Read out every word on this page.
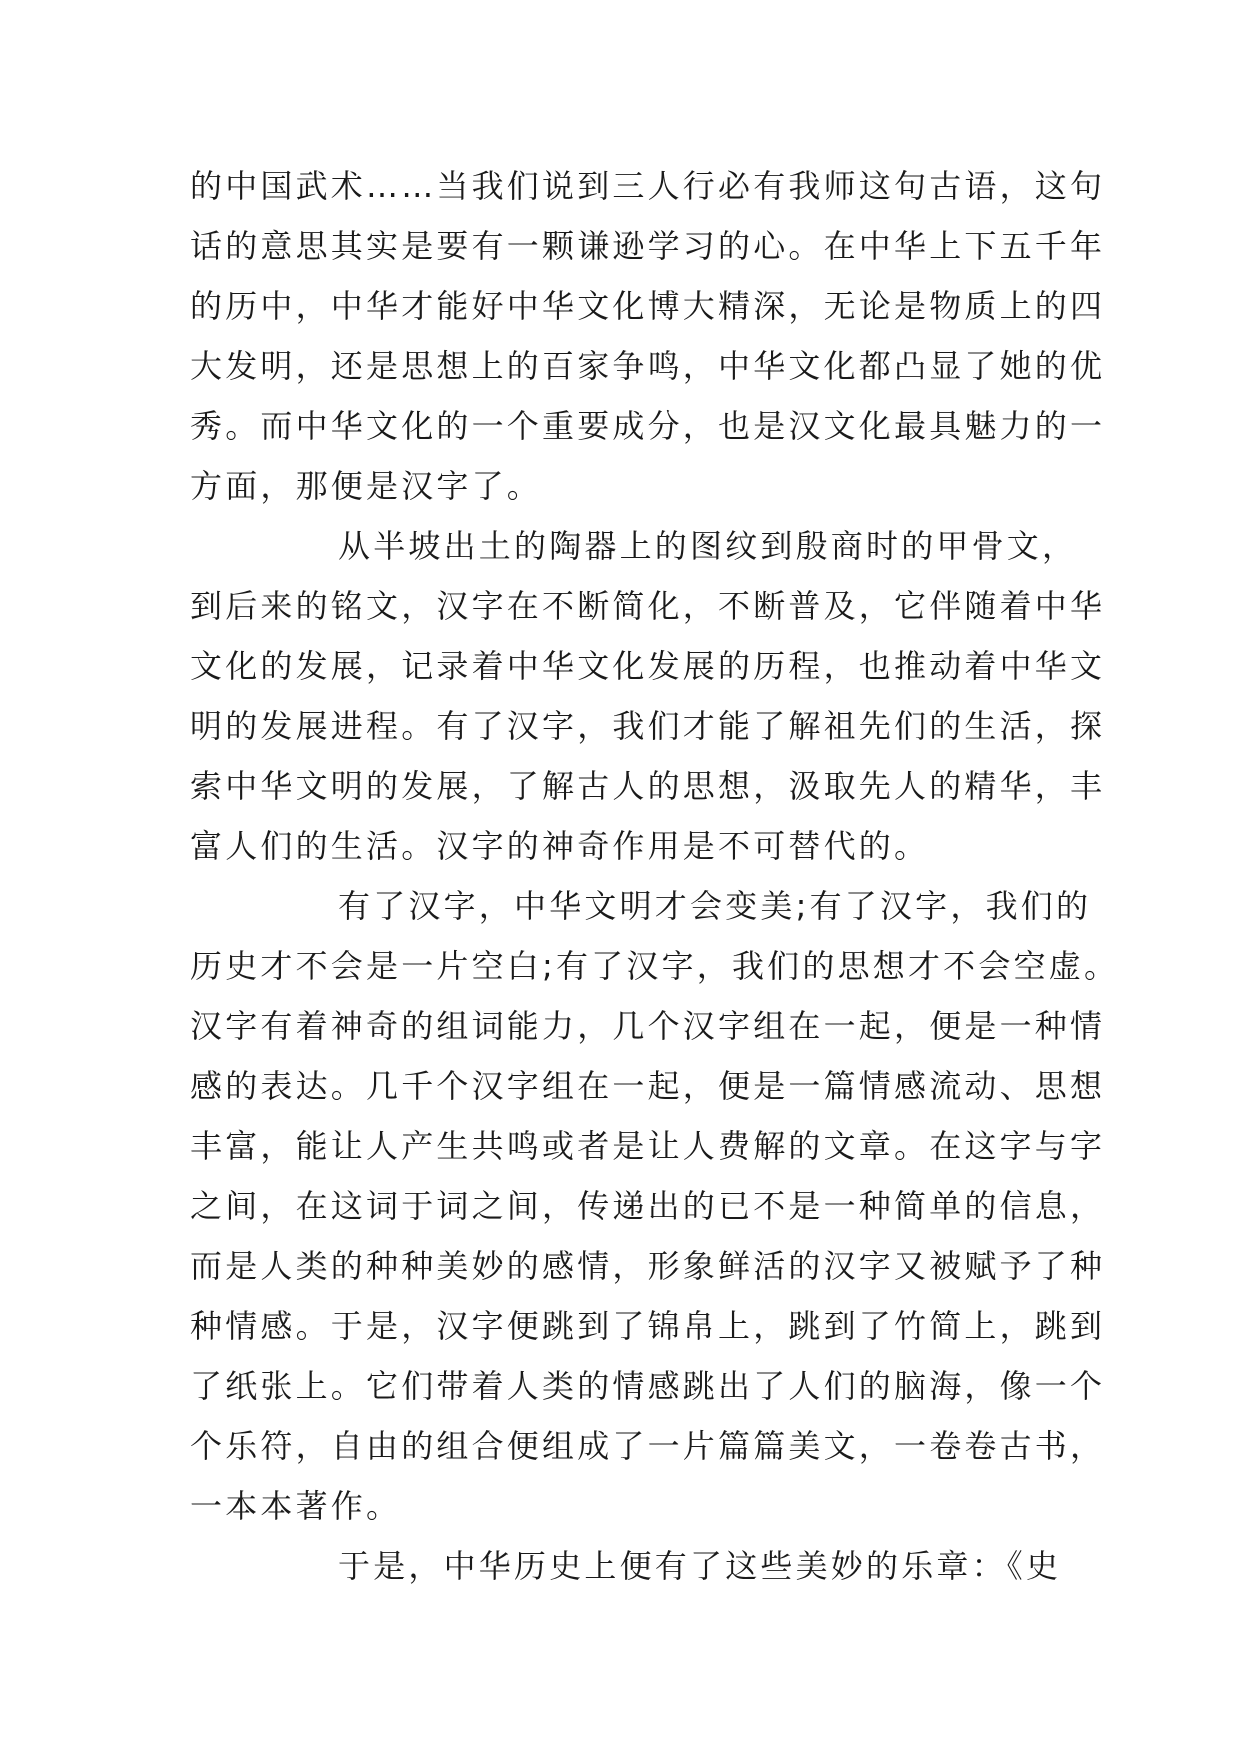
的中国武术……当我们说到三人行必有我师这句古语，这句
话的意思其实是要有一颗谦逊学习的心。在中华上下五千年
的历中，中华才能好中华文化博大精深，无论是物质上的四
大发明，还是思想上的百家争鸣，中华文化都凸显了她的优
秀。而中华文化的一个重要成分，也是汉文化最具魅力的一
方面，那便是汉字了。
从半坡出土的陶器上的图纹到殷商时的甲骨文，
到后来的铭文，汉字在不断简化，不断普及，它伴随着中华
文化的发展，记录着中华文化发展的历程，也推动着中华文
明的发展进程。有了汉字，我们才能了解祖先们的生活，探
索中华文明的发展，了解古人的思想，汲取先人的精华，丰
富人们的生活。汉字的神奇作用是不可替代的。
有了汉字，中华文明才会变美;有了汉字，我们的
历史才不会是一片空白;有了汉字，我们的思想才不会空虚。
汉字有着神奇的组词能力，几个汉字组在一起，便是一种情
感的表达。几千个汉字组在一起，便是一篇情感流动、思想
丰富，能让人产生共鸣或者是让人费解的文章。在这字与字
之间，在这词于词之间，传递出的已不是一种简单的信息，
而是人类的种种美妙的感情，形象鲜活的汉字又被赋予了种
种情感。于是，汉字便跳到了锦帛上，跳到了竹简上，跳到
了纸张上。它们带着人类的情感跳出了人们的脑海，像一个
个乐符，自由的组合便组成了一片篇篇美文，一卷卷古书，
一本本著作。
于是，中华历史上便有了这些美妙的乐章：《史
